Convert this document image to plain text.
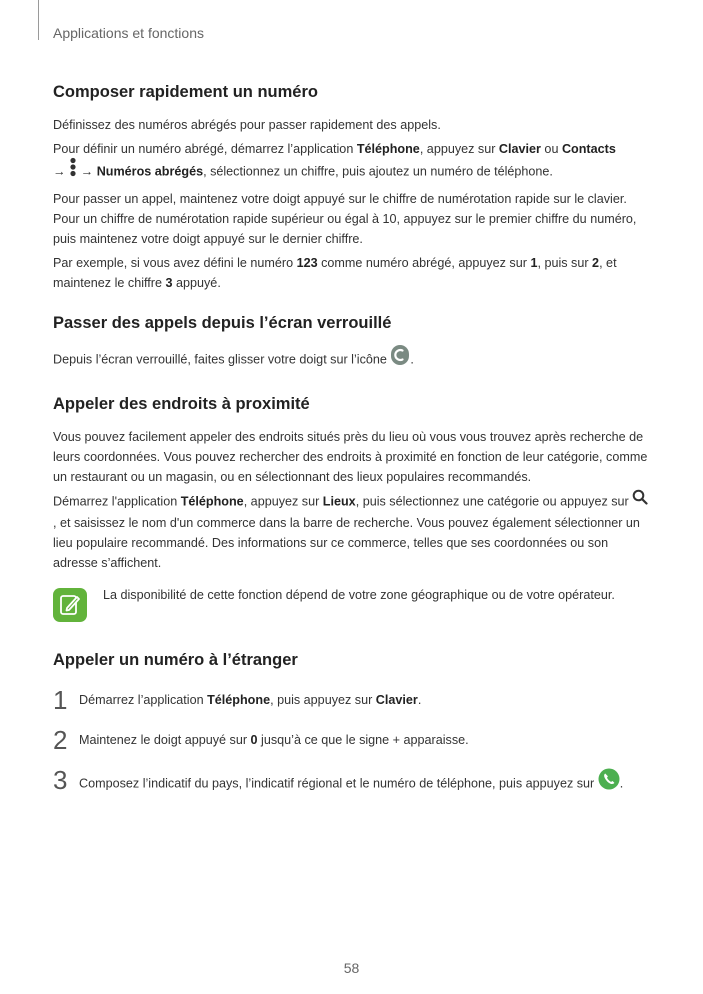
Applications et fonctions
Composer rapidement un numéro

Définissez des numéros abrégés pour passer rapidement des appels.

Pour définir un numéro abrégé, démarrez l’application Téléphone, appuyez sur Clavier ou Contacts
→  → Numéros abrégés, sélectionnez un chiffre, puis ajoutez un numéro de téléphone.

Pour passer un appel, maintenez votre doigt appuyé sur le chiffre de numérotation rapide sur le clavier. Pour un chiffre de numérotation rapide supérieur ou égal à 10, appuyez sur le premier chiffre du numéro, puis maintenez votre doigt appuyé sur le dernier chiffre.

Par exemple, si vous avez défini le numéro 123 comme numéro abrégé, appuyez sur 1, puis sur 2, et maintenez le chiffre 3 appuyé.

Passer des appels depuis l’écran verrouillé

Depuis l’écran verrouillé, faites glisser votre doigt sur l’icône .

Appeler des endroits à proximité

Vous pouvez facilement appeler des endroits situés près du lieu où vous vous trouvez après recherche de leurs coordonnées. Vous pouvez rechercher des endroits à proximité en fonction de leur catégorie, comme un restaurant ou un magasin, ou en sélectionnant des lieux populaires recommandés.

Démarrez l'application Téléphone, appuyez sur Lieux, puis sélectionnez une catégorie ou appuyez sur , et saisissez le nom d'un commerce dans la barre de recherche. Vous pouvez également sélectionner un lieu populaire recommandé. Des informations sur ce commerce, telles que ses coordonnées ou son adresse s’affichent.

La disponibilité de cette fonction dépend de votre zone géographique ou de votre opérateur.

Appeler un numéro à l’étranger
1 Démarrez l’application Téléphone, puis appuyez sur Clavier.

2 Maintenez le doigt appuyé sur 0 jusqu’à ce que le signe + apparaisse.

3 Composez l’indicatif du pays, l’indicatif régional et le numéro de téléphone, puis appuyez sur .

58
